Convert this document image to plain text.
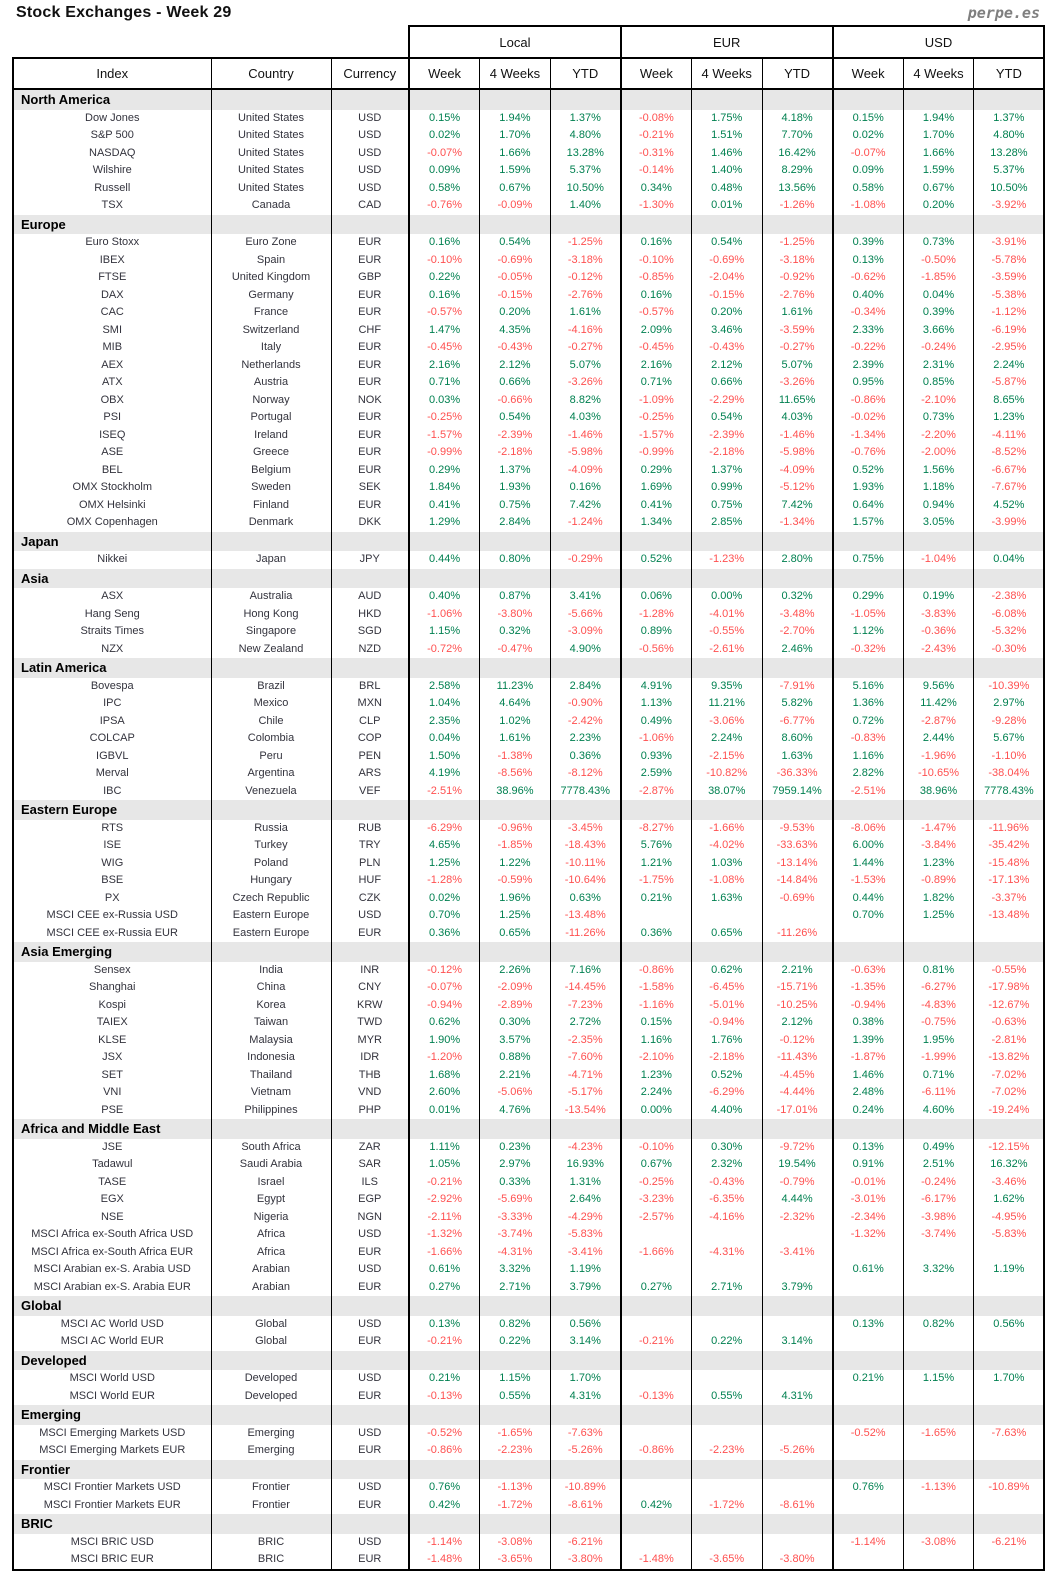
Stock Exchanges - Week 29	perpe.es
			Local			EUR			USD		
Index	Country	Currency	Week	4 Weeks	YTD	Week	4 Weeks	YTD	Week	4 Weeks	YTD
North America											
Dow Jones	United States	USD	0.15%	1.94%	1.37%	-0.08%	1.75%	4.18%	0.15%	1.94%	1.37%
S&P 500	United States	USD	0.02%	1.70%	4.80%	-0.21%	1.51%	7.70%	0.02%	1.70%	4.80%
NASDAQ	United States	USD	-0.07%	1.66%	13.28%	-0.31%	1.46%	16.42%	-0.07%	1.66%	13.28%
Wilshire	United States	USD	0.09%	1.59%	5.37%	-0.14%	1.40%	8.29%	0.09%	1.59%	5.37%
Russell	United States	USD	0.58%	0.67%	10.50%	0.34%	0.48%	13.56%	0.58%	0.67%	10.50%
TSX	Canada	CAD	-0.76%	-0.09%	1.40%	-1.30%	0.01%	-1.26%	-1.08%	0.20%	-3.92%
Europe											
Euro Stoxx	Euro Zone	EUR	0.16%	0.54%	-1.25%	0.16%	0.54%	-1.25%	0.39%	0.73%	-3.91%
IBEX	Spain	EUR	-0.10%	-0.69%	-3.18%	-0.10%	-0.69%	-3.18%	0.13%	-0.50%	-5.78%
FTSE	United Kingdom	GBP	0.22%	-0.05%	-0.12%	-0.85%	-2.04%	-0.92%	-0.62%	-1.85%	-3.59%
DAX	Germany	EUR	0.16%	-0.15%	-2.76%	0.16%	-0.15%	-2.76%	0.40%	0.04%	-5.38%
CAC	France	EUR	-0.57%	0.20%	1.61%	-0.57%	0.20%	1.61%	-0.34%	0.39%	-1.12%
SMI	Switzerland	CHF	1.47%	4.35%	-4.16%	2.09%	3.46%	-3.59%	2.33%	3.66%	-6.19%
MIB	Italy	EUR	-0.45%	-0.43%	-0.27%	-0.45%	-0.43%	-0.27%	-0.22%	-0.24%	-2.95%
AEX	Netherlands	EUR	2.16%	2.12%	5.07%	2.16%	2.12%	5.07%	2.39%	2.31%	2.24%
ATX	Austria	EUR	0.71%	0.66%	-3.26%	0.71%	0.66%	-3.26%	0.95%	0.85%	-5.87%
OBX	Norway	NOK	0.03%	-0.66%	8.82%	-1.09%	-2.29%	11.65%	-0.86%	-2.10%	8.65%
PSI	Portugal	EUR	-0.25%	0.54%	4.03%	-0.25%	0.54%	4.03%	-0.02%	0.73%	1.23%
ISEQ	Ireland	EUR	-1.57%	-2.39%	-1.46%	-1.57%	-2.39%	-1.46%	-1.34%	-2.20%	-4.11%
ASE	Greece	EUR	-0.99%	-2.18%	-5.98%	-0.99%	-2.18%	-5.98%	-0.76%	-2.00%	-8.52%
BEL	Belgium	EUR	0.29%	1.37%	-4.09%	0.29%	1.37%	-4.09%	0.52%	1.56%	-6.67%
OMX Stockholm	Sweden	SEK	1.84%	1.93%	0.16%	1.69%	0.99%	-5.12%	1.93%	1.18%	-7.67%
OMX Helsinki	Finland	EUR	0.41%	0.75%	7.42%	0.41%	0.75%	7.42%	0.64%	0.94%	4.52%
OMX Copenhagen	Denmark	DKK	1.29%	2.84%	-1.24%	1.34%	2.85%	-1.34%	1.57%	3.05%	-3.99%
Japan											
Nikkei	Japan	JPY	0.44%	0.80%	-0.29%	0.52%	-1.23%	2.80%	0.75%	-1.04%	0.04%
Asia											
ASX	Australia	AUD	0.40%	0.87%	3.41%	0.06%	0.00%	0.32%	0.29%	0.19%	-2.38%
Hang Seng	Hong Kong	HKD	-1.06%	-3.80%	-5.66%	-1.28%	-4.01%	-3.48%	-1.05%	-3.83%	-6.08%
Straits Times	Singapore	SGD	1.15%	0.32%	-3.09%	0.89%	-0.55%	-2.70%	1.12%	-0.36%	-5.32%
NZX	New Zealand	NZD	-0.72%	-0.47%	4.90%	-0.56%	-2.61%	2.46%	-0.32%	-2.43%	-0.30%
Latin America											
Bovespa	Brazil	BRL	2.58%	11.23%	2.84%	4.91%	9.35%	-7.91%	5.16%	9.56%	-10.39%
IPC	Mexico	MXN	1.04%	4.64%	-0.90%	1.13%	11.21%	5.82%	1.36%	11.42%	2.97%
IPSA	Chile	CLP	2.35%	1.02%	-2.42%	0.49%	-3.06%	-6.77%	0.72%	-2.87%	-9.28%
COLCAP	Colombia	COP	0.04%	1.61%	2.23%	-1.06%	2.24%	8.60%	-0.83%	2.44%	5.67%
IGBVL	Peru	PEN	1.50%	-1.38%	0.36%	0.93%	-2.15%	1.63%	1.16%	-1.96%	-1.10%
Merval	Argentina	ARS	4.19%	-8.56%	-8.12%	2.59%	-10.82%	-36.33%	2.82%	-10.65%	-38.04%
IBC	Venezuela	VEF	-2.51%	38.96%	7778.43%	-2.87%	38.07%	7959.14%	-2.51%	38.96%	7778.43%
Eastern Europe											
RTS	Russia	RUB	-6.29%	-0.96%	-3.45%	-8.27%	-1.66%	-9.53%	-8.06%	-1.47%	-11.96%
ISE	Turkey	TRY	4.65%	-1.85%	-18.43%	5.76%	-4.02%	-33.63%	6.00%	-3.84%	-35.42%
WIG	Poland	PLN	1.25%	1.22%	-10.11%	1.21%	1.03%	-13.14%	1.44%	1.23%	-15.48%
BSE	Hungary	HUF	-1.28%	-0.59%	-10.64%	-1.75%	-1.08%	-14.84%	-1.53%	-0.89%	-17.13%
PX	Czech Republic	CZK	0.02%	1.96%	0.63%	0.21%	1.63%	-0.69%	0.44%	1.82%	-3.37%
MSCI CEE ex-Russia USD	Eastern Europe	USD	0.70%	1.25%	-13.48%				0.70%	1.25%	-13.48%
MSCI CEE ex-Russia EUR	Eastern Europe	EUR	0.36%	0.65%	-11.26%	0.36%	0.65%	-11.26%			
Asia Emerging											
Sensex	India	INR	-0.12%	2.26%	7.16%	-0.86%	0.62%	2.21%	-0.63%	0.81%	-0.55%
Shanghai	China	CNY	-0.07%	-2.09%	-14.45%	-1.58%	-6.45%	-15.71%	-1.35%	-6.27%	-17.98%
Kospi	Korea	KRW	-0.94%	-2.89%	-7.23%	-1.16%	-5.01%	-10.25%	-0.94%	-4.83%	-12.67%
TAIEX	Taiwan	TWD	0.62%	0.30%	2.72%	0.15%	-0.94%	2.12%	0.38%	-0.75%	-0.63%
KLSE	Malaysia	MYR	1.90%	3.57%	-2.35%	1.16%	1.76%	-0.12%	1.39%	1.95%	-2.81%
JSX	Indonesia	IDR	-1.20%	0.88%	-7.60%	-2.10%	-2.18%	-11.43%	-1.87%	-1.99%	-13.82%
SET	Thailand	THB	1.68%	2.21%	-4.71%	1.23%	0.52%	-4.45%	1.46%	0.71%	-7.02%
VNI	Vietnam	VND	2.60%	-5.06%	-5.17%	2.24%	-6.29%	-4.44%	2.48%	-6.11%	-7.02%
PSE	Philippines	PHP	0.01%	4.76%	-13.54%	0.00%	4.40%	-17.01%	0.24%	4.60%	-19.24%
Africa and Middle East											
JSE	South Africa	ZAR	1.11%	0.23%	-4.23%	-0.10%	0.30%	-9.72%	0.13%	0.49%	-12.15%
Tadawul	Saudi Arabia	SAR	1.05%	2.97%	16.93%	0.67%	2.32%	19.54%	0.91%	2.51%	16.32%
TASE	Israel	ILS	-0.21%	0.33%	1.31%	-0.25%	-0.43%	-0.79%	-0.01%	-0.24%	-3.46%
EGX	Egypt	EGP	-2.92%	-5.69%	2.64%	-3.23%	-6.35%	4.44%	-3.01%	-6.17%	1.62%
NSE	Nigeria	NGN	-2.11%	-3.33%	-4.29%	-2.57%	-4.16%	-2.32%	-2.34%	-3.98%	-4.95%
MSCI Africa ex-South Africa USD	Africa	USD	-1.32%	-3.74%	-5.83%				-1.32%	-3.74%	-5.83%
MSCI Africa ex-South Africa EUR	Africa	EUR	-1.66%	-4.31%	-3.41%	-1.66%	-4.31%	-3.41%			
MSCI Arabian ex-S. Arabia USD	Arabian	USD	0.61%	3.32%	1.19%				0.61%	3.32%	1.19%
MSCI Arabian ex-S. Arabia EUR	Arabian	EUR	0.27%	2.71%	3.79%	0.27%	2.71%	3.79%			
Global											
MSCI AC World USD	Global	USD	0.13%	0.82%	0.56%				0.13%	0.82%	0.56%
MSCI AC World EUR	Global	EUR	-0.21%	0.22%	3.14%	-0.21%	0.22%	3.14%			
Developed											
MSCI World USD	Developed	USD	0.21%	1.15%	1.70%				0.21%	1.15%	1.70%
MSCI World EUR	Developed	EUR	-0.13%	0.55%	4.31%	-0.13%	0.55%	4.31%			
Emerging											
MSCI Emerging Markets USD	Emerging	USD	-0.52%	-1.65%	-7.63%				-0.52%	-1.65%	-7.63%
MSCI Emerging Markets EUR	Emerging	EUR	-0.86%	-2.23%	-5.26%	-0.86%	-2.23%	-5.26%			
Frontier											
MSCI Frontier Markets USD	Frontier	USD	0.76%	-1.13%	-10.89%				0.76%	-1.13%	-10.89%
MSCI Frontier Markets EUR	Frontier	EUR	0.42%	-1.72%	-8.61%	0.42%	-1.72%	-8.61%			
BRIC											
MSCI BRIC USD	BRIC	USD	-1.14%	-3.08%	-6.21%				-1.14%	-3.08%	-6.21%
MSCI BRIC EUR	BRIC	EUR	-1.48%	-3.65%	-3.80%	-1.48%	-3.65%	-3.80%			
